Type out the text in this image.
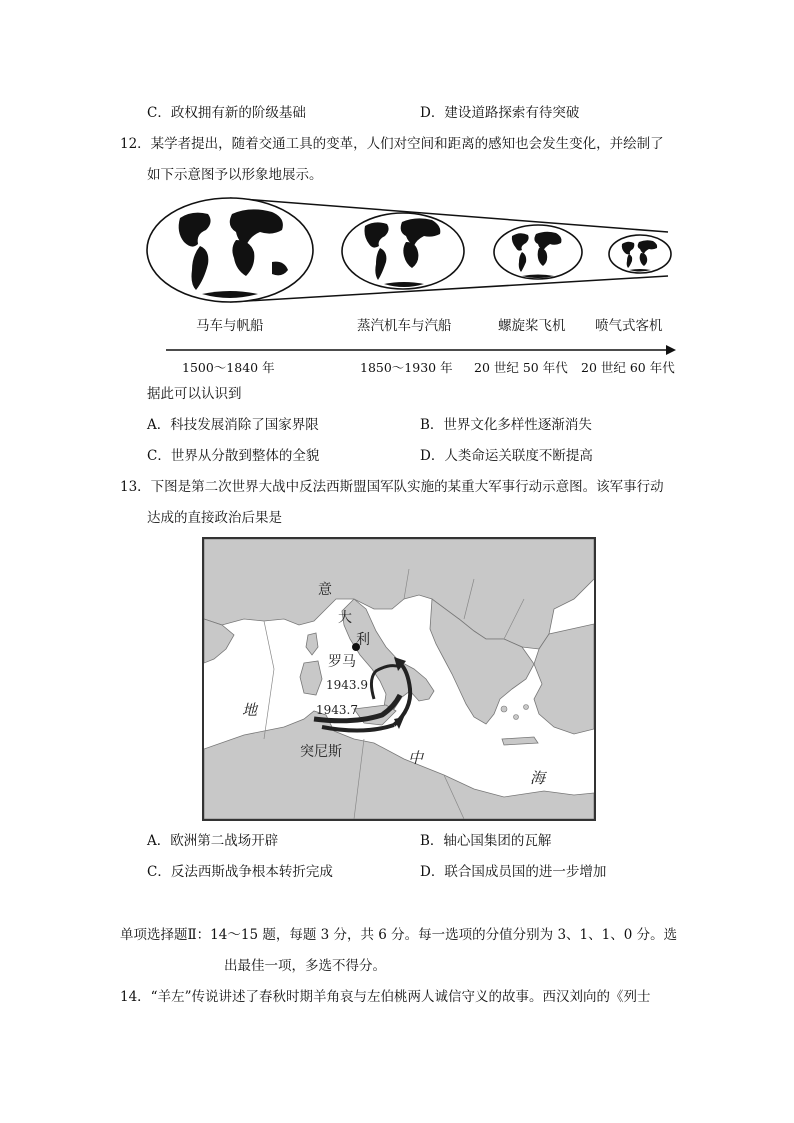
C．政权拥有新的阶级基础	D．建设道路探索有待突破
12．某学者提出，随着交通工具的变革，人们对空间和距离的感知也会发生变化，并绘制了
如下示意图予以形象地展示。
马车与帆船	蒸汽机车与汽船	螺旋桨飞机 喷气式客机
1500～1840 年	1850～1930 年 20 世纪 50 年代 20 世纪 60 年代
据此可以认识到
A．科技发展消除了国家界限	B．世界文化多样性逐渐消失
C．世界从分散到整体的全貌	D．人类命运关联度不断提高
13．下图是第二次世界大战中反法西斯盟国军队实施的某重大军事行动示意图。该军事行动
达成的直接政治后果是
意
大
利
罗马
1943.9
1943.7
突尼斯
地
中
海
A．欧洲第二战场开辟	B．轴心国集团的瓦解
C．反法西斯战争根本转折完成	D．联合国成员国的进一步增加
单项选择题Ⅱ：14～15 题，每题 3 分，共 6 分。每一选项的分值分别为 3、1、1、0 分。选
出最佳一项，多选不得分。
14．“羊左”传说讲述了春秋时期羊角哀与左伯桃两人诚信守义的故事。西汉刘向的《列士
